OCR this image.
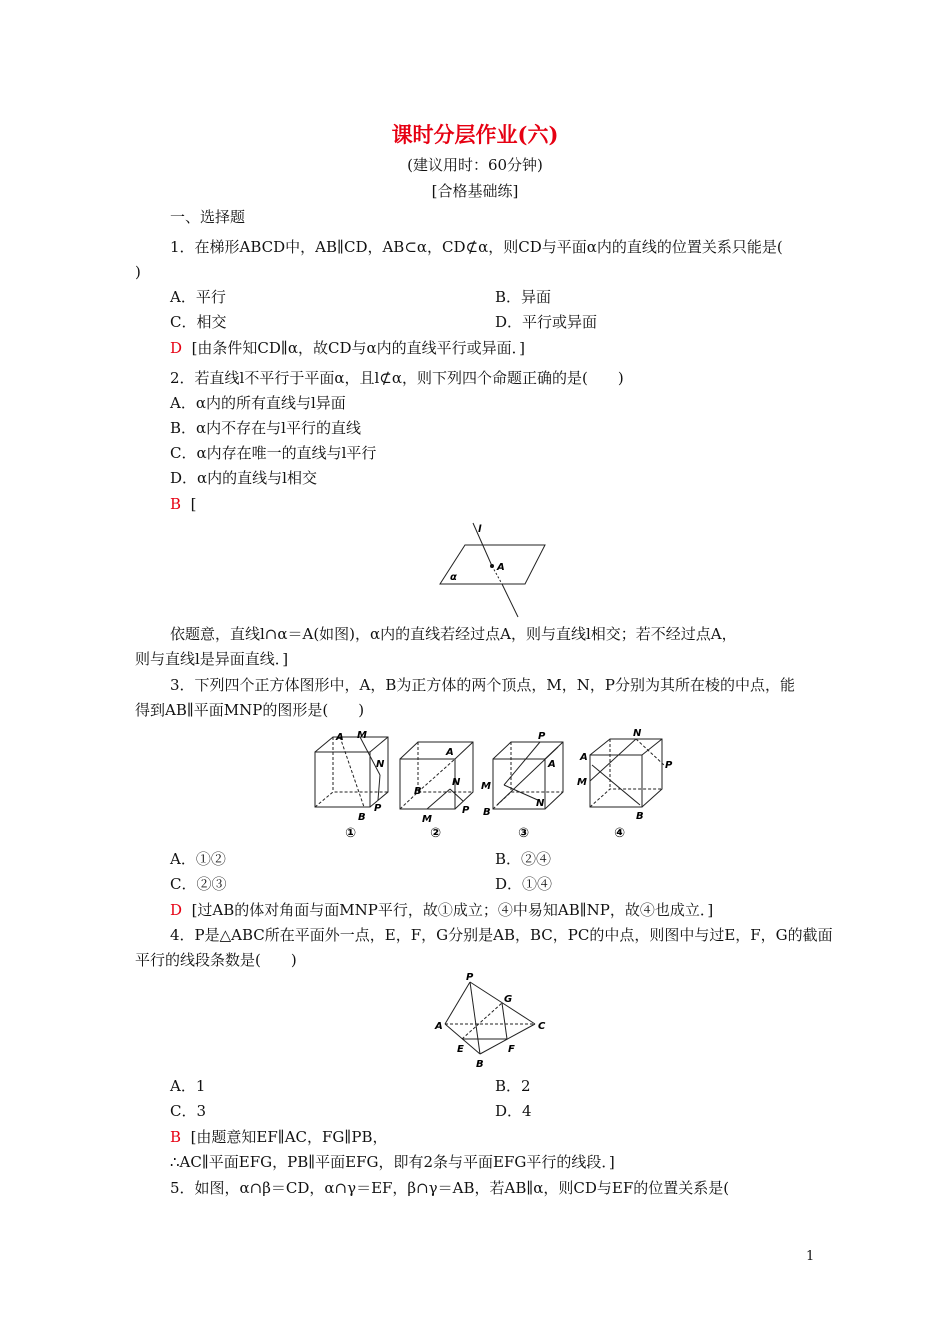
课时分层作业(六)
(建议用时：60分钟)
[合格基础练]
一、选择题
1．在梯形ABCD中，AB∥CD，AB⊂α，CD⊄α，则CD与平面α内的直线的位置关系只能是(
)
A．平行	B．异面
C．相交	D．平行或异面
D [由条件知CD∥α，故CD与α内的直线平行或异面．]
2．若直线l不平行于平面α，且l⊄α，则下列四个命题正确的是(　　)
A．α内的所有直线与l异面
B．α内不存在与l平行的直线
C．α内存在唯一的直线与l平行
D．α内的直线与l相交
B [
l
A
α
依题意，直线l∩α＝A(如图)，α内的直线若经过点A，则与直线l相交；若不经过点A，
则与直线l是异面直线．]
3．下列四个正方体图形中，A，B为正方体的两个顶点，M，N，P分别为其所在棱的中点，能
得到AB∥平面MNP的图形是(　　)
A M
N
P
B
①
A
N
B
M
P
②
P
A
M
B
N
③
N
A
M
P
B
④
A．①②	B．②④
C．②③	D．①④
D [过AB的体对角面与面MNP平行，故①成立；④中易知AB∥NP，故④也成立．]
4．P是△ABC所在平面外一点，E，F，G分别是AB，BC，PC的中点，则图中与过E，F，G的截面
平行的线段条数是(　　)
P
G
A	C
E	F
B
A．1	B．2
C．3	D．4
B [由题意知EF∥AC，FG∥PB，
∴AC∥平面EFG，PB∥平面EFG，即有2条与平面EFG平行的线段．]
5．如图，α∩β＝CD，α∩γ＝EF，β∩γ＝AB，若AB∥α，则CD与EF的位置关系是(
1
